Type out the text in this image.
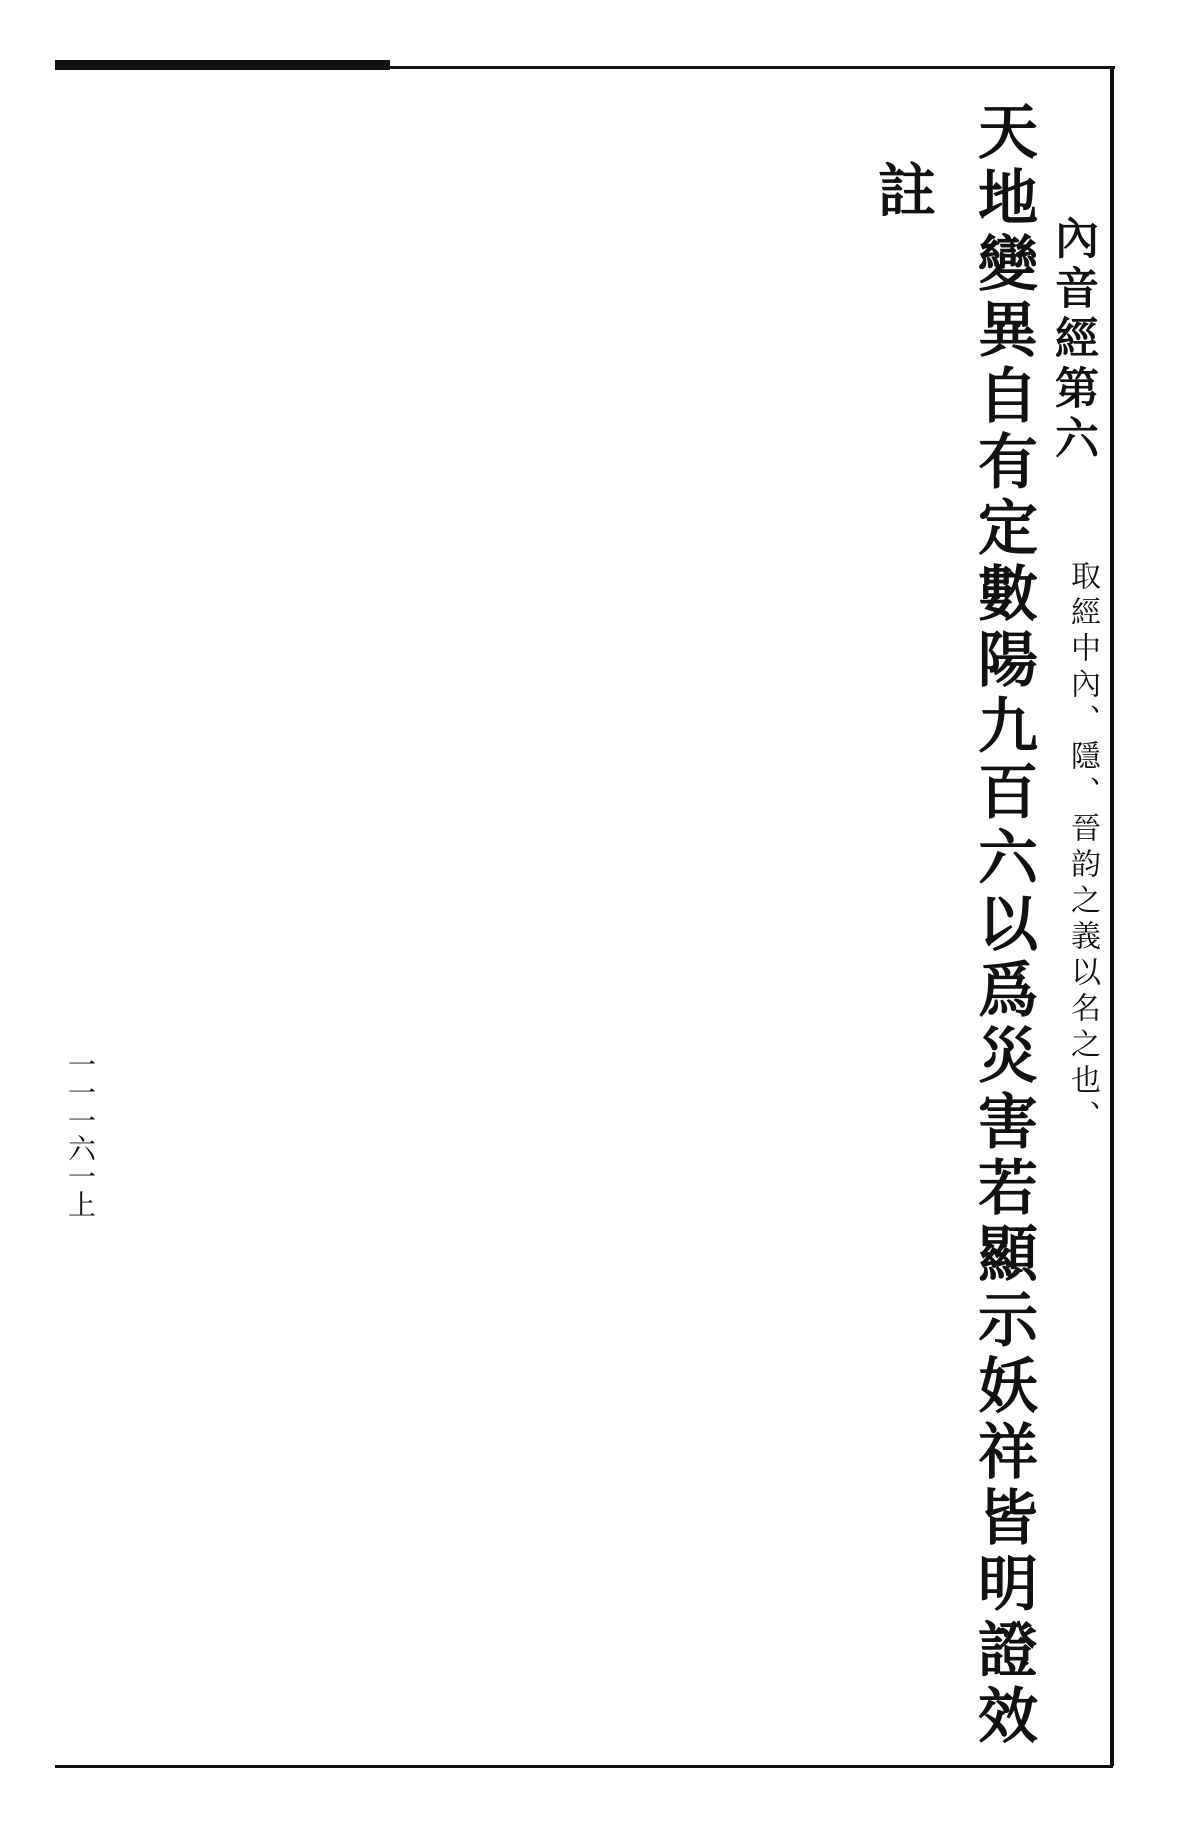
內音經第六
取經中內、隱、晉韵之義以名之也、
天地變異自有定數陽九百六以爲災害若顯示妖祥皆明證效
註
一一一六一上
